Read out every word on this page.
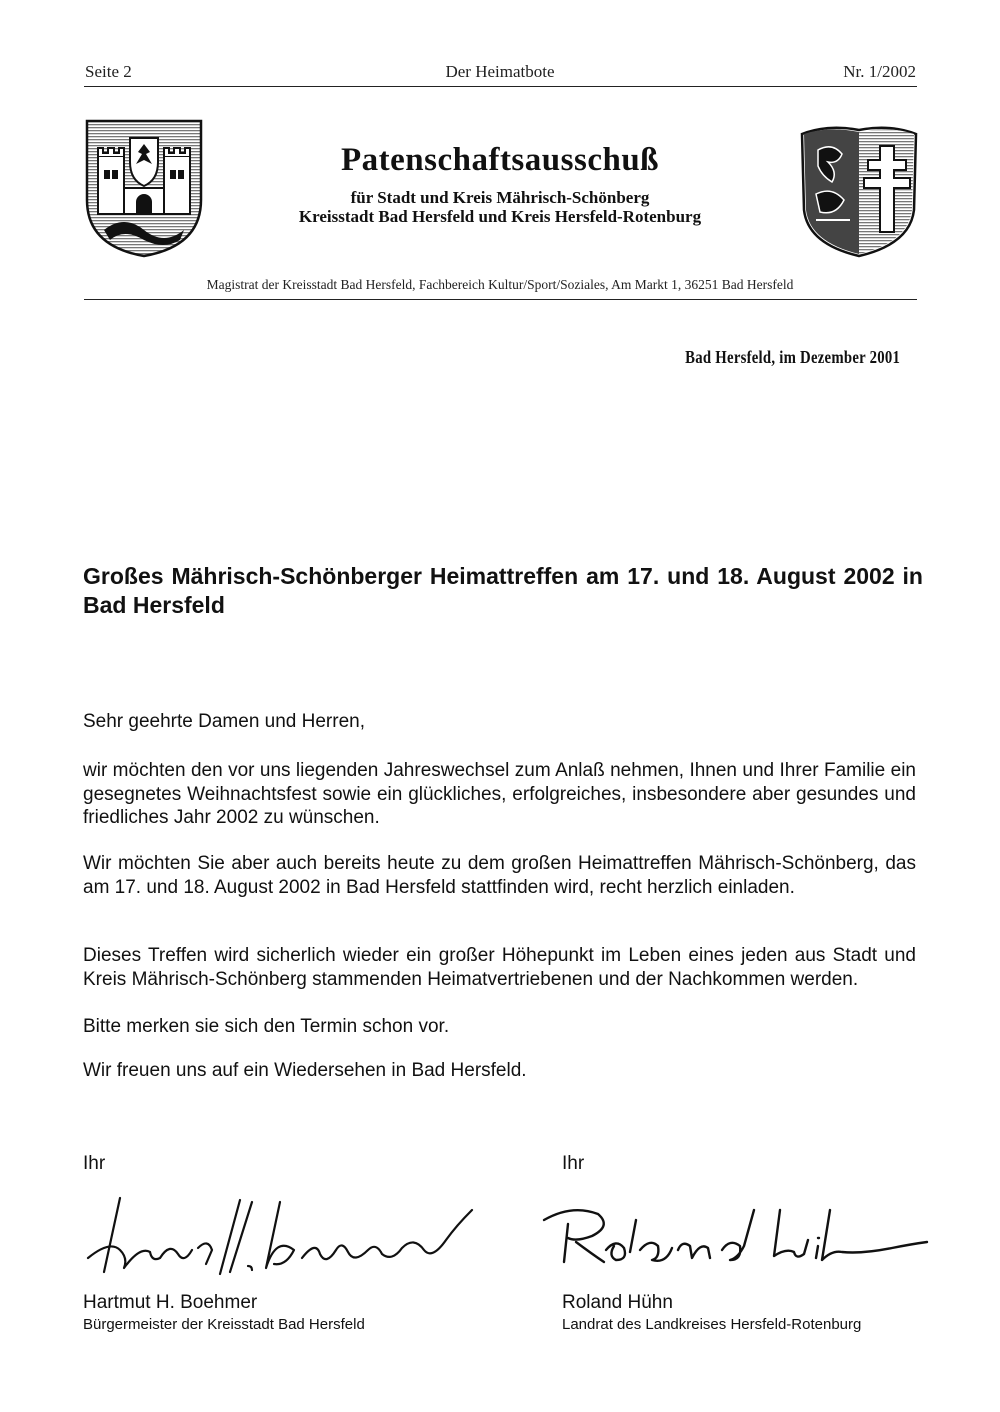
Seite 2	Der Heimatbote	Nr. 1/2002
Patenschaftsausschuß
für Stadt und Kreis Mährisch-Schönberg
Kreisstadt Bad Hersfeld und Kreis Hersfeld-Rotenburg
Magistrat der Kreisstadt Bad Hersfeld, Fachbereich Kultur/Sport/Soziales, Am Markt 1, 36251 Bad Hersfeld
Bad Hersfeld, im Dezember 2001
Großes Mährisch-Schönberger Heimattreffen am 17. und 18. August 2002 in Bad Hersfeld
Sehr geehrte Damen und Herren,
wir möchten den vor uns liegenden Jahreswechsel zum Anlaß nehmen, Ihnen und Ihrer Familie ein gesegnetes Weihnachtsfest sowie ein glückliches, erfolgreiches, insbesondere aber gesundes und friedliches Jahr 2002 zu wünschen.
Wir möchten Sie aber auch bereits heute zu dem großen Heimattreffen Mährisch-Schönberg, das am 17. und 18. August 2002 in Bad Hersfeld stattfinden wird, recht herzlich einladen.
Dieses Treffen wird sicherlich wieder ein großer Höhepunkt im Leben eines jeden aus Stadt und Kreis Mährisch-Schönberg stammenden Heimatvertriebenen und der Nachkommen werden.
Bitte merken sie sich den Termin schon vor.
Wir freuen uns auf ein Wiedersehen in Bad Hersfeld.
Ihr	Ihr
Hartmut H. Boehmer
Bürgermeister der Kreisstadt Bad Hersfeld
Roland Hühn
Landrat des Landkreises Hersfeld-Rotenburg
